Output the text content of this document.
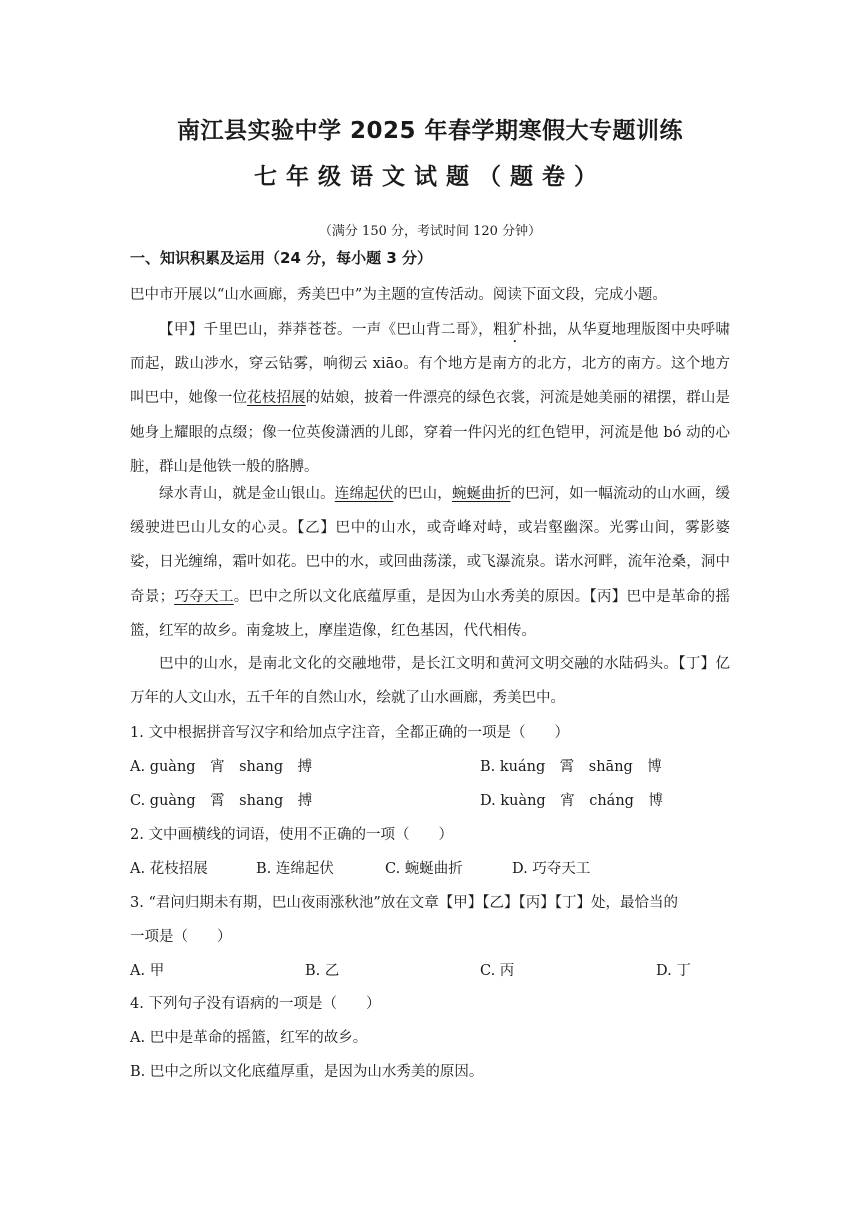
南江县实验中学 2025 年春学期寒假大专题训练
七年级语文试题（题卷）
（满分 150 分，考试时间 120 分钟）
一、知识积累及运用（24 分，每小题 3 分）
巴中市开展以“山水画廊，秀美巴中”为主题的宣传活动。阅读下面文段，完成小题。

【甲】千里巴山，莽莽苍苍。一声《巴山背二哥》，粗犷朴拙，从华夏地理版图中央呼啸而起，跋山涉水，穿云钻雾，响彻云 xiāo。有个地方是南方的北方，北方的南方。这个地方叫巴中，她像一位花枝招展的姑娘，披着一件漂亮的绿色衣裳，河流是她美丽的裙摆，群山是她身上耀眼的点缀；像一位英俊潇洒的儿郎，穿着一件闪光的红色铠甲，河流是他 bó 动的心脏，群山是他铁一般的胳膊。

绿水青山，就是金山银山。连绵起伏的巴山，蜿蜒曲折的巴河，如一幅流动的山水画，缓缓驶进巴山儿女的心灵。【乙】巴中的山水，或奇峰对峙，或岩壑幽深。光雾山间，雾影婆娑，日光缠绵，霜叶如花。巴中的水，或回曲荡漾，或飞瀑流泉。诺水河畔，流年沧桑，洞中奇景；巧夺天工。巴中之所以文化底蕴厚重，是因为山水秀美的原因。【丙】巴中是革命的摇篮，红军的故乡。南龛坡上，摩崖造像，红色基因，代代相传。

巴中的山水，是南北文化的交融地带，是长江文明和黄河文明交融的水陆码头。【丁】亿万年的人文山水，五千年的自然山水，绘就了山水画廊，秀美巴中。

1. 文中根据拼音写汉字和给加点字注音，全都正确的一项是（　　）
A. guàng　宵　shang　搏	B. kuáng　霄　shāng　博
C. guàng　霄　shang　搏	D. kuàng　宵　cháng　博
2. 文中画横线的词语，使用不正确的一项（　　）
A. 花枝招展	B. 连绵起伏	C. 蜿蜒曲折	D. 巧夺天工
3. “君问归期未有期，巴山夜雨涨秋池”放在文章【甲】【乙】【丙】【丁】处，最恰当的
一项是（　　）
A. 甲	B. 乙	C. 丙	D. 丁
4. 下列句子没有语病的一项是（　　）
A. 巴中是革命的摇篮，红军的故乡。
B. 巴中之所以文化底蕴厚重，是因为山水秀美的原因。
